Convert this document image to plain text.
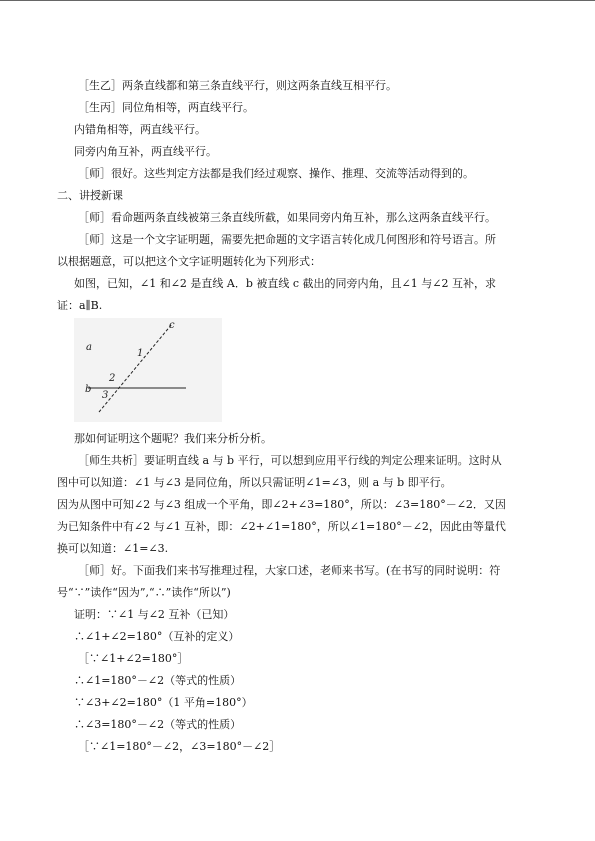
［生乙］两条直线都和第三条直线平行，则这两条直线互相平行。
［生丙］同位角相等，两直线平行。
内错角相等，两直线平行。
同旁内角互补，两直线平行。
［师］很好。这些判定方法都是我们经过观察、操作、推理、交流等活动得到的。
二、讲授新课
［师］看命题两条直线被第三条直线所截，如果同旁内角互补，那么这两条直线平行。
［师］这是一个文字证明题，需要先把命题的文字语言转化成几何图形和符号语言。所
以根据题意，可以把这个文字证明题转化为下列形式：
如图，已知，∠1 和∠2 是直线 A．b 被直线 c 截出的同旁内角，且∠1 与∠2 互补，求
证：a∥B.
a
b
c
1
2
3
那如何证明这个题呢？我们来分析分析。
［师生共析］要证明直线 a 与 b 平行，可以想到应用平行线的判定公理来证明。这时从
图中可以知道：∠1 与∠3 是同位角，所以只需证明∠1=∠3，则 a 与 b 即平行。
因为从图中可知∠2 与∠3 组成一个平角，即∠2+∠3=180°，所以：∠3=180°－∠2．又因
为已知条件中有∠2 与∠1 互补，即：∠2+∠1=180°，所以∠1=180°－∠2，因此由等量代
换可以知道：∠1=∠3.
［师］好。下面我们来书写推理过程，大家口述，老师来书写。(在书写的同时说明：符
号“∵”读作“因为”,“∴”读作“所以”)
证明：∵∠1 与∠2 互补（已知）
∴∠1+∠2=180°（互补的定义）
［∵∠1+∠2=180°］
∴∠1=180°－∠2（等式的性质）
∵∠3+∠2=180°（1 平角=180°）
∴∠3=180°－∠2（等式的性质）
［∵∠1=180°－∠2，∠3=180°－∠2］
